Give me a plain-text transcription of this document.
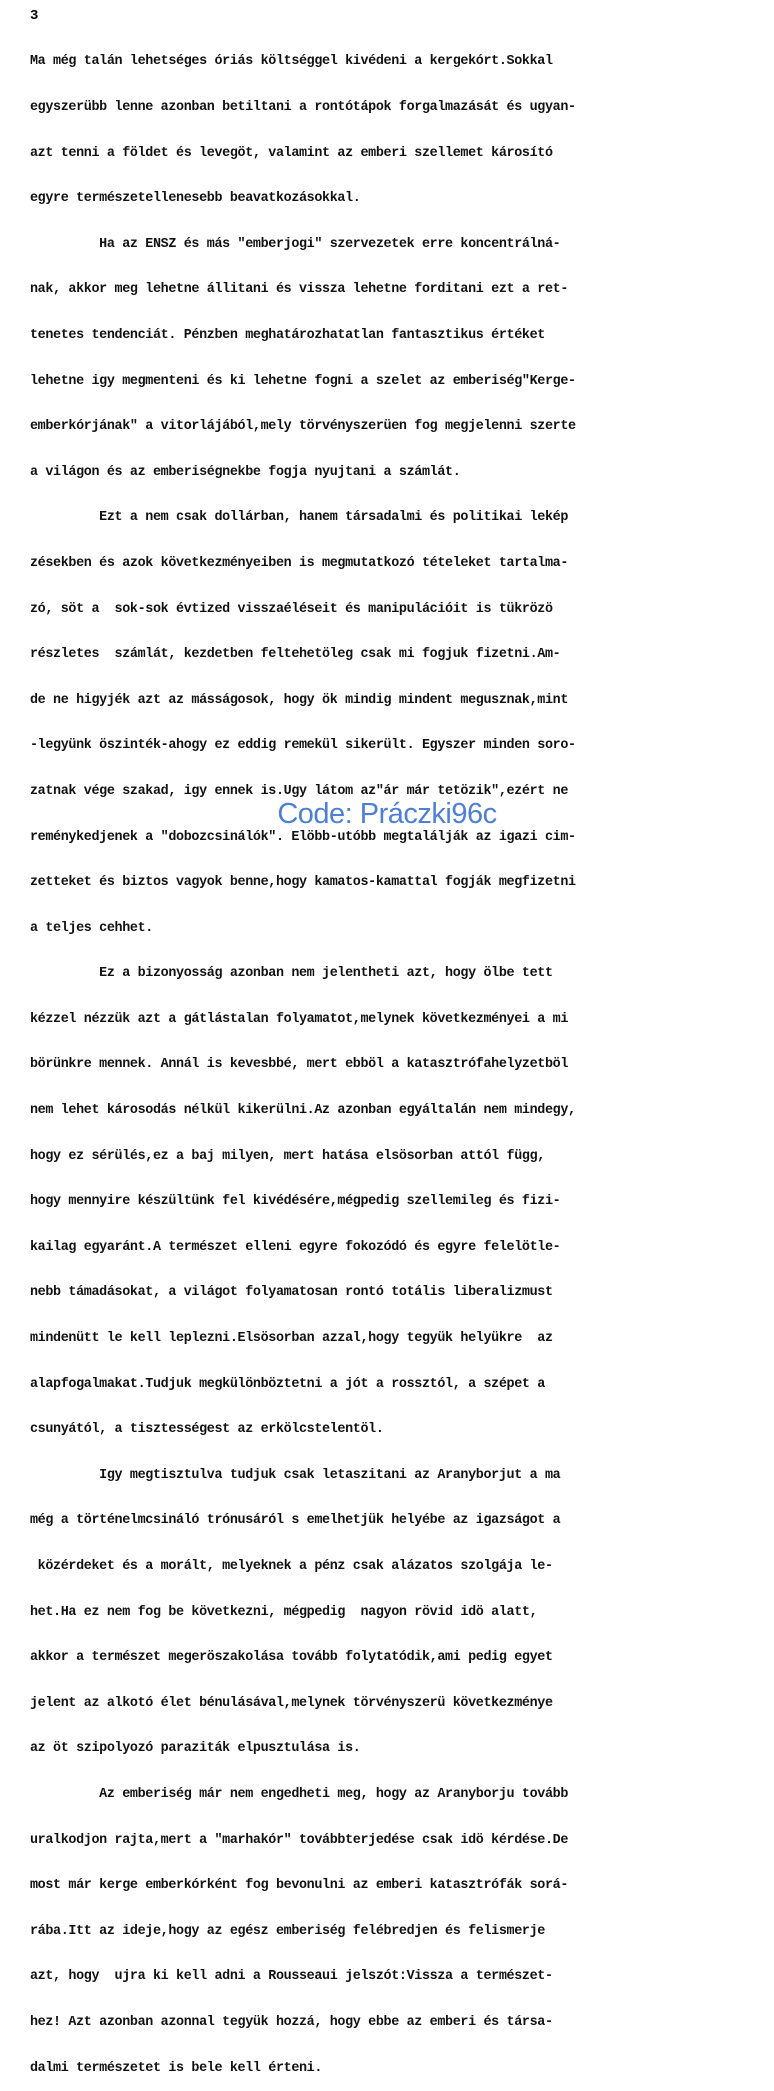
3

Ma még talán lehetséges óriás költséggel kivédeni a kergekórt.Sokkal

egyszerübb lenne azonban betiltani a rontótápok forgalmazását és ugyan-

azt tenni a földet és levegöt, valamint az emberi szellemet károsító

egyre természetellenesebb beavatkozásokkal.

Ha az ENSZ és más "emberjogi" szervezetek erre koncentrálná-

nak, akkor meg lehetne állitani és vissza lehetne forditani ezt a ret-

tenetes tendenciát. Pénzben meghatározhatatlan fantasztikus értéket

lehetne igy megmenteni és ki lehetne fogni a szelet az emberiség"Kerge-

emberkórjának" a vitorlájából,mely törvényszerüen fog megjelenni szerte

a világon és az emberiségnekbe fogja nyujtani a számlát.

Ezt a nem csak dollárban, hanem társadalmi és politikai lekép

zésekben és azok következményeiben is megmutatkozó tételeket tartalma-

zó, söt a  sok-sok évtized visszaéléseit és manipulációit is tükrözö

részletes  számlát, kezdetben feltehetöleg csak mi fogjuk fizetni.Am-

de ne higyjék azt az másságosok, hogy ök mindig mindent megusznak,mint

-legyünk öszinték-ahogy ez eddig remekül sikerült. Egyszer minden soro-

zatnak vége szakad, igy ennek is.Ugy látom az"ár már tetözik",ezért ne

reménykedjenek a "dobozcsinálók". Elöbb-utóbb megtalálják az igazi cim-

zetteket és biztos vagyok benne,hogy kamatos-kamattal fogják megfizetni

a teljes cehhet.

Ez a bizonyosság azonban nem jelentheti azt, hogy ölbe tett

kézzel nézzük azt a gátlástalan folyamatot,melynek következményei a mi

börünkre mennek. Annál is kevesbbé, mert ebböl a katasztrófahelyzetböl

nem lehet károsodás nélkül kikerülni.Az azonban egyáltalán nem mindegy,

hogy ez sérülés,ez a baj milyen, mert hatása elsösorban attól függ,

hogy mennyire készültünk fel kivédésére,mégpedig szellemileg és fizi-

kailag egyaránt.A természet elleni egyre fokozódó és egyre felelötle-

nebb támadásokat, a világot folyamatosan rontó totális liberalizmust

mindenütt le kell leplezni.Elsösorban azzal,hogy tegyük helyükre  az

alapfogalmakat.Tudjuk megkülönböztetni a jót a rossztól, a szépet a

csunyától, a tisztességest az erkölcstelentöl.

Igy megtisztulva tudjuk csak letaszitani az Aranyborjut a ma

még a történelmcsináló trónusáról s emelhetjük helyébe az igazságot a

közérdeket és a morált, melyeknek a pénz csak alázatos szolgája le-

het.Ha ez nem fog be következni, mégpedig  nagyon rövid idö alatt,

akkor a természet megeröszakolása tovább folytatódik,ami pedig egyet

jelent az alkotó élet bénulásával,melynek törvényszerü következménye

az öt szipolyozó paraziták elpusztulása is.

Az emberiség már nem engedheti meg, hogy az Aranyborju tovább

uralkodjon rajta,mert a "marhakór" továbbterjedése csak idö kérdése.De

most már kerge emberkórként fog bevonulni az emberi katasztrófák sorá-

rába.Itt az ideje,hogy az egész emberiség felébredjen és felismerje

azt, hogy  ujra ki kell adni a Rousseaui jelszót:Vissza a természet-

hez! Azt azonban azonnal tegyük hozzá, hogy ebbe az emberi és társa-

dalmi természetet is bele kell érteni.

Code: Prácz​ki96c
